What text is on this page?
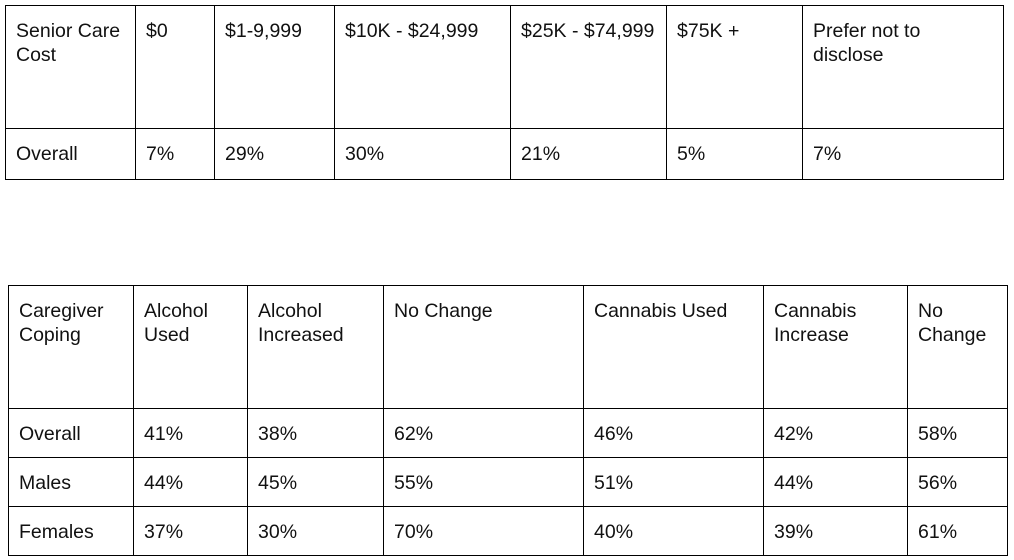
Senior Care Cost	$0	$1-9,999	$10K - $24,999	$25K - $74,999	$75K +	Prefer not to disclose
Overall	7%	29%	30%	21%	5%	7%
Caregiver Coping	Alcohol Used	Alcohol Increased	No Change	Cannabis Used	Cannabis Increase	No Change
Overall	41%	38%	62%	46%	42%	58%
Males	44%	45%	55%	51%	44%	56%
Females	37%	30%	70%	40%	39%	61%
